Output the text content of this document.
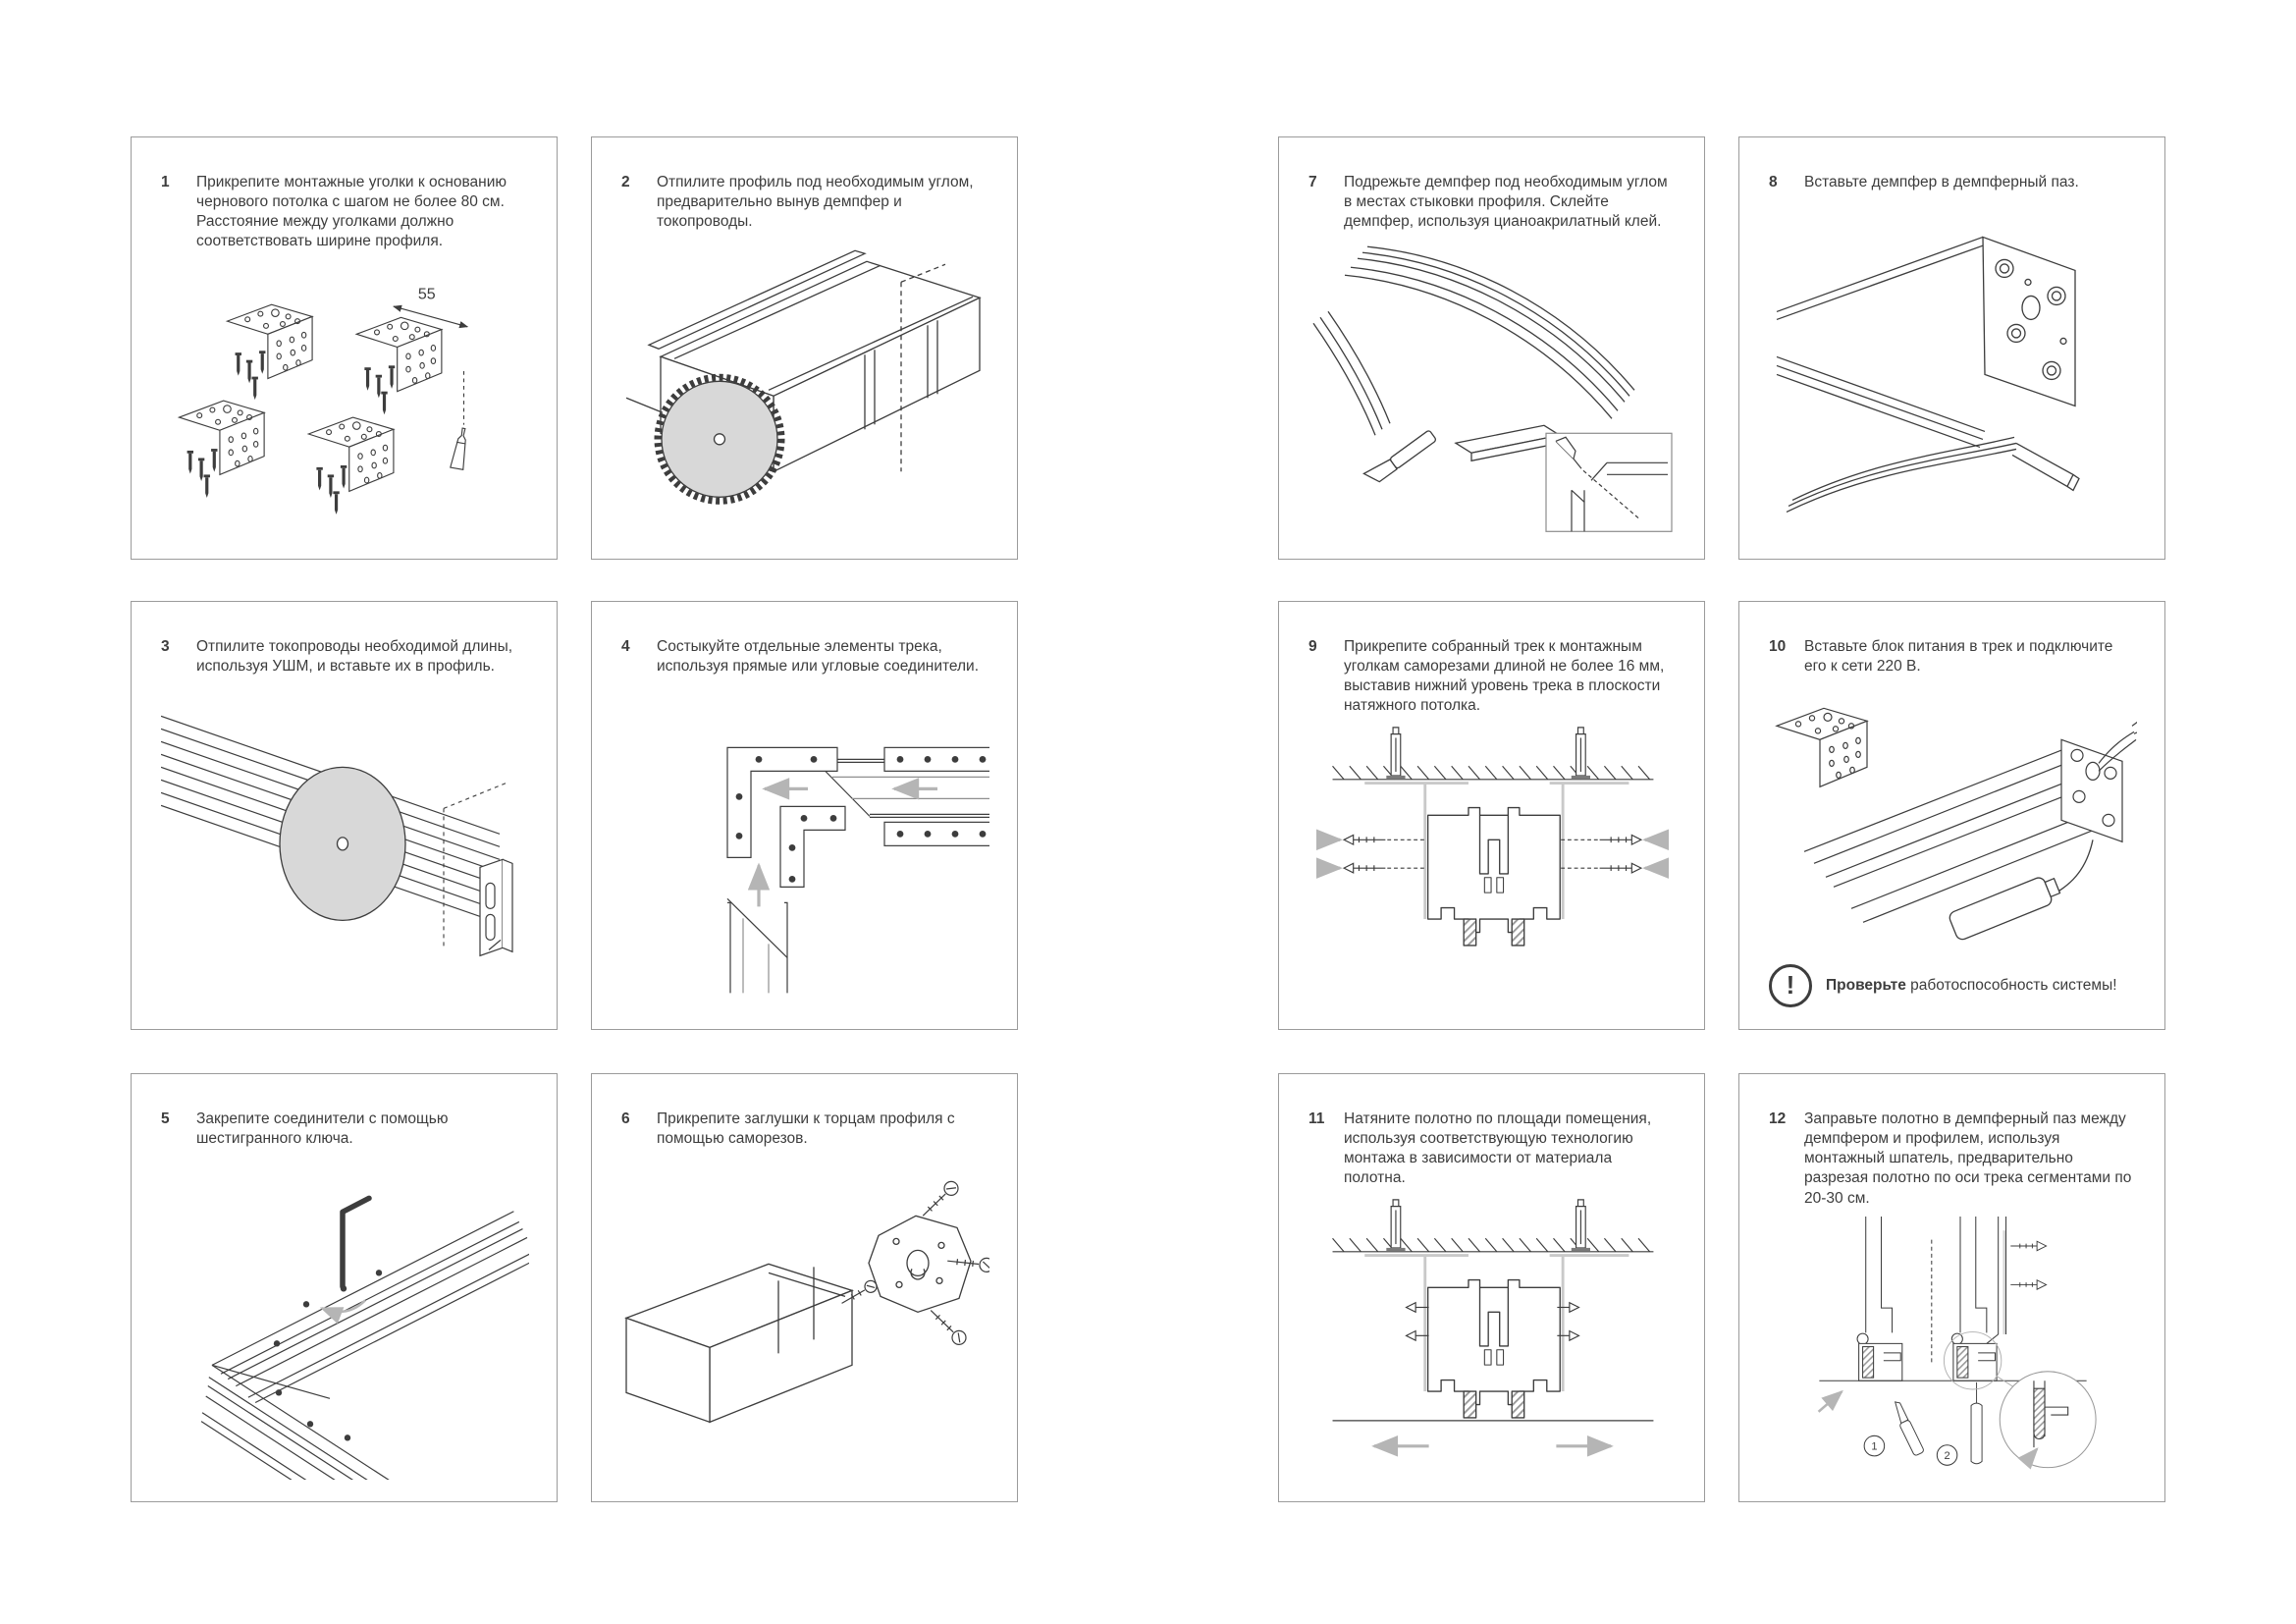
1	Прикрепите монтажные уголки к основанию чернового потолка с шагом не более 80 см. Расстояние между уголками должно соответствовать ширине профиля.

55
2	Отпилите профиль под необходимым углом, предварительно вынув демпфер и токопроводы.

7	Подрежьте демпфер под необходимым углом в местах стыковки профиля. Склейте демпфер, используя цианоакрилатный клей.

8	Вставьте демпфер в демпферный паз.

3	Отпилите токопроводы необходимой длины, используя УШМ, и вставьте их в профиль.

4	Состыкуйте отдельные элементы трека, используя прямые или угловые соединители.

9	Прикрепите собранный трек к монтажным уголкам саморезами длиной не более 16 мм, выставив нижний уровень трека в плоскости натяжного потолка.

10	Вставьте блок питания в трек и подключите его к сети 220 В.

!	Проверьте работоспособность системы!

5	Закрепите соединители с помощью шестигранного ключа.

6	Прикрепите заглушки к торцам профиля с помощью саморезов.

11	Натяните полотно по площади помещения, используя соответствующую технологию монтажа в зависимости от материала полотна.

12	Заправьте полотно в демпферный паз между демпфером и профилем, используя монтажный шпатель, предварительно разрезая полотно по оси трека сегментами по 20-30 см.

1
2
